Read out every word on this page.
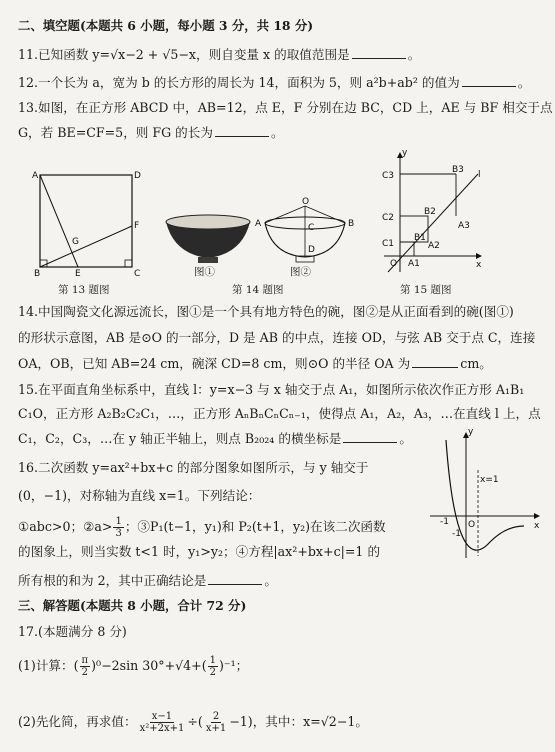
二、填空题(本题共 6 小题，每小题 3 分，共 18 分)
11.已知函数 y=√x−2 + √5−x，则自变量 x 的取值范围是	。
12.一个长为 a，宽为 b 的长方形的周长为 14，面积为 5，则 a²b+ab² 的值为	。
13.如图，在正方形 ABCD 中，AB=12，点 E，F 分别在边 BC，CD 上，AE 与 BF 相交于点
G，若 BE=CF=5，则 FG 的长为	。
A	D
B	C
E
F
G
第 13 题图
图①
O
A	B
C
D
图②
第 14 题图
y
x
O
l
A1
A2
A3
B1
B2
B3
C1
C2
C3
第 15 题图
14.中国陶瓷文化源远流长，图①是一个具有地方特色的碗，图②是从正面看到的碗(图①)
的形状示意图，AB 是⊙O 的一部分，D 是 AB 的中点，连接 OD，与弦 AB 交于点 C，连接
OA，OB，已知 AB=24 cm，碗深 CD=8 cm，则⊙O 的半径 OA 为	cm。
15.在平面直角坐标系中，直线 l：y=x−3 与 x 轴交于点 A₁，如图所示依次作正方形 A₁B₁
C₁O，正方形 A₂B₂C₂C₁，…，正方形 AₙBₙCₙCₙ₋₁，使得点 A₁，A₂，A₃，…在直线 l 上，点
C₁，C₂，C₃，…在 y 轴正半轴上，则点 B₂₀₂₄ 的横坐标是	。
16.二次函数 y=ax²+bx+c 的部分图象如图所示，与 y 轴交于
(0，−1)，对称轴为直线 x=1。下列结论：
①abc>0；②a> $\frac{1}{3}$ ；③P₁(t−1，y₁)和 P₂(t+1，y₂)在该二次函数
的图象上，则当实数 t<1 时，y₁>y₂；④方程|ax²+bx+c|=1 的
所有根的和为 2，其中正确结论是	。
y
x
O
x=1
-1
-1
三、解答题(本题共 8 小题，合计 72 分)
17.(本题满分 8 分)
(1)计算：( $\frac{\pi}{2} )^0-2\sin$ $30^\circ+√4+( \frac{1}{2} )^{-1}$；
(2)先化简，再求值： $\frac{x-1}{\text{x²+2x+1}}$ ÷( $\frac{2}{x+1} -1$)，其中：x=√2−1。
